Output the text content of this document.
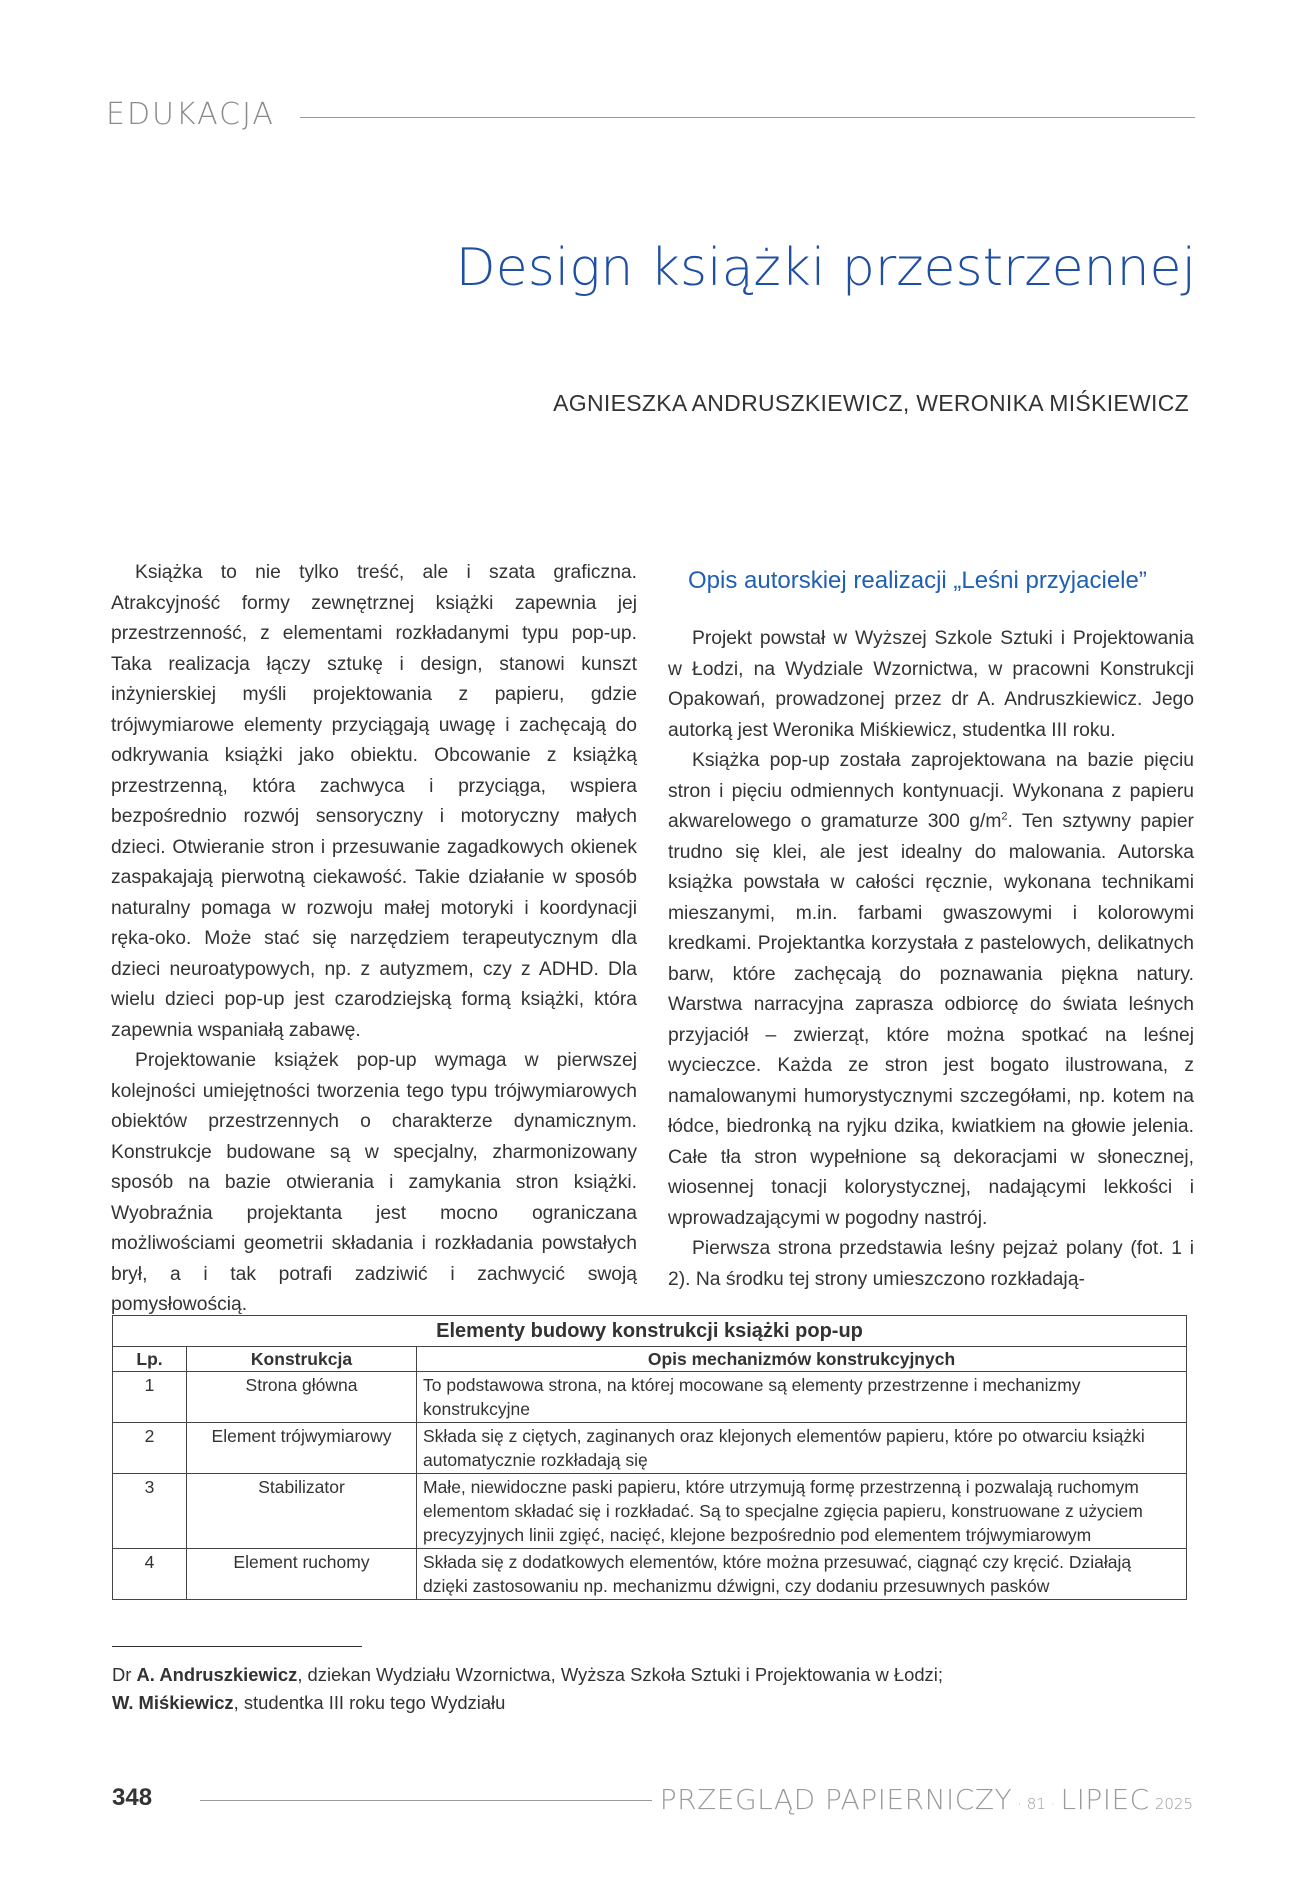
EDUKACJA
Design książki przestrzennej
AGNIESZKA ANDRUSZKIEWICZ, WERONIKA MIŚKIEWICZ

Książka to nie tylko treść, ale i szata graficzna. Atrakcyjność formy zewnętrznej książki zapewnia jej przestrzenność, z elementami rozkładanymi typu pop-up. Taka realizacja łączy sztukę i design, stanowi kunszt inżynierskiej myśli projektowania z papieru, gdzie trójwymiarowe elementy przyciągają uwagę i zachęcają do odkrywania książki jako obiektu. Obcowanie z książką przestrzenną, która zachwyca i przyciąga, wspiera bezpośrednio rozwój sensoryczny i motoryczny małych dzieci. Otwieranie stron i przesuwanie zagadkowych okienek zaspakajają pierwotną ciekawość. Takie działanie w sposób naturalny pomaga w rozwoju małej motoryki i koordynacji ręka-oko. Może stać się narzędziem terapeutycznym dla dzieci neuroatypowych, np. z autyzmem, czy z ADHD. Dla wielu dzieci pop-up jest czarodziejską formą książki, która zapewnia wspaniałą zabawę.

Projektowanie książek pop-up wymaga w pierwszej kolejności umiejętności tworzenia tego typu trójwymiarowych obiektów przestrzennych o charakterze dynamicznym. Konstrukcje budowane są w specjalny, zharmonizowany sposób na bazie otwierania i zamykania stron książki. Wyobraźnia projektanta jest mocno ograniczana możliwościami geometrii składania i rozkładania powstałych brył, a i tak potrafi zadziwić i zachwycić swoją pomysłowością.

Opis autorskiej realizacji „Leśni przyjaciele”

Projekt powstał w Wyższej Szkole Sztuki i Projektowania w Łodzi, na Wydziale Wzornictwa, w pracowni Konstrukcji Opakowań, prowadzonej przez dr A. Andruszkiewicz. Jego autorką jest Weronika Miśkiewicz, studentka III roku.

Książka pop-up została zaprojektowana na bazie pięciu stron i pięciu odmiennych kontynuacji. Wykonana z papieru akwarelowego o gramaturze 300 $g/m^2$. Ten sztywny papier trudno się klei, ale jest idealny do malowania. Autorska książka powstała w całości ręcznie, wykonana technikami mieszanymi, m.in. farbami gwaszowymi i kolorowymi kredkami. Projektantka korzystała z pastelowych, delikatnych barw, które zachęcają do poznawania piękna natury. Warstwa narracyjna zaprasza odbiorcę do świata leśnych przyjaciół – zwierząt, które można spotkać na leśnej wycieczce. Każda ze stron jest bogato ilustrowana, z namalowanymi humorystycznymi szczegółami, np. kotem na łódce, biedronką na ryjku dzika, kwiatkiem na głowie jelenia. Całe tła stron wypełnione są dekoracjami w słonecznej, wiosennej tonacji kolorystycznej, nadającymi lekkości i wprowadzającymi w pogodny nastrój.

Pierwsza strona przedstawia leśny pejzaż polany (fot. 1 i 2). Na środku tej strony umieszczono rozkładają-

Elementy budowy konstrukcji książki pop-up		
Lp.	Konstrukcja	Opis mechanizmów konstrukcyjnych
1	Strona główna	To podstawowa strona, na której mocowane są elementy przestrzenne i mechanizmy konstrukcyjne
2	Element trójwymiarowy	Składa się z ciętych, zaginanych oraz klejonych elementów papieru, które po otwarciu książki automatycznie rozkładają się
3	Stabilizator	Małe, niewidoczne paski papieru, które utrzymują formę przestrzenną i pozwalają ruchomym elementom składać się i rozkładać. Są to specjalne zgięcia papieru, konstruowane z użyciem precyzyjnych linii zgięć, nacięć, klejone bezpośrednio pod elementem trójwymiarowym
4	Element ruchomy	Składa się z dodatkowych elementów, które można przesuwać, ciągnąć czy kręcić. Działają dzięki zastosowaniu np. mechanizmu dźwigni, czy dodaniu przesuwnych pasków
Dr A. Andruszkiewicz, dziekan Wydziału Wzornictwa, Wyższa Szkoła Sztuki i Projektowania w Łodzi;
W. Miśkiewicz, studentka III roku tego Wydziału
348	PRZEGLĄD PAPIERNICZY · 81 · LIPIEC 2025
